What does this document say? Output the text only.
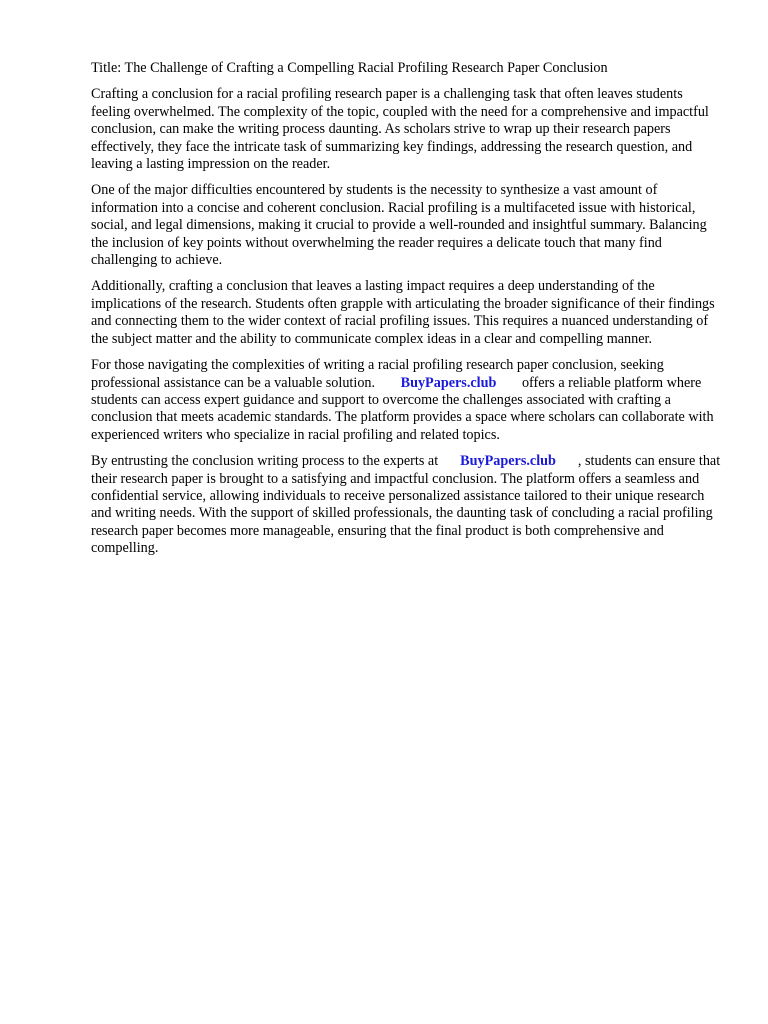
Title: The Challenge of Crafting a Compelling Racial Profiling Research Paper Conclusion

Crafting a conclusion for a racial profiling research paper is a challenging task that often leaves students feeling overwhelmed. The complexity of the topic, coupled with the need for a comprehensive and impactful conclusion, can make the writing process daunting. As scholars strive to wrap up their research papers effectively, they face the intricate task of summarizing key findings, addressing the research question, and leaving a lasting impression on the reader.

One of the major difficulties encountered by students is the necessity to synthesize a vast amount of information into a concise and coherent conclusion. Racial profiling is a multifaceted issue with historical, social, and legal dimensions, making it crucial to provide a well-rounded and insightful summary. Balancing the inclusion of key points without overwhelming the reader requires a delicate touch that many find challenging to achieve.

Additionally, crafting a conclusion that leaves a lasting impact requires a deep understanding of the implications of the research. Students often grapple with articulating the broader significance of their findings and connecting them to the wider context of racial profiling issues. This requires a nuanced understanding of the subject matter and the ability to communicate complex ideas in a clear and compelling manner.

For those navigating the complexities of writing a racial profiling research paper conclusion, seeking professional assistance can be a valuable solution. BuyPapers.club offers a reliable platform where students can access expert guidance and support to overcome the challenges associated with crafting a conclusion that meets academic standards. The platform provides a space where scholars can collaborate with experienced writers who specialize in racial profiling and related topics.

By entrusting the conclusion writing process to the experts at BuyPapers.club , students can ensure that their research paper is brought to a satisfying and impactful conclusion. The platform offers a seamless and confidential service, allowing individuals to receive personalized assistance tailored to their unique research and writing needs. With the support of skilled professionals, the daunting task of concluding a racial profiling research paper becomes more manageable, ensuring that the final product is both comprehensive and compelling.
